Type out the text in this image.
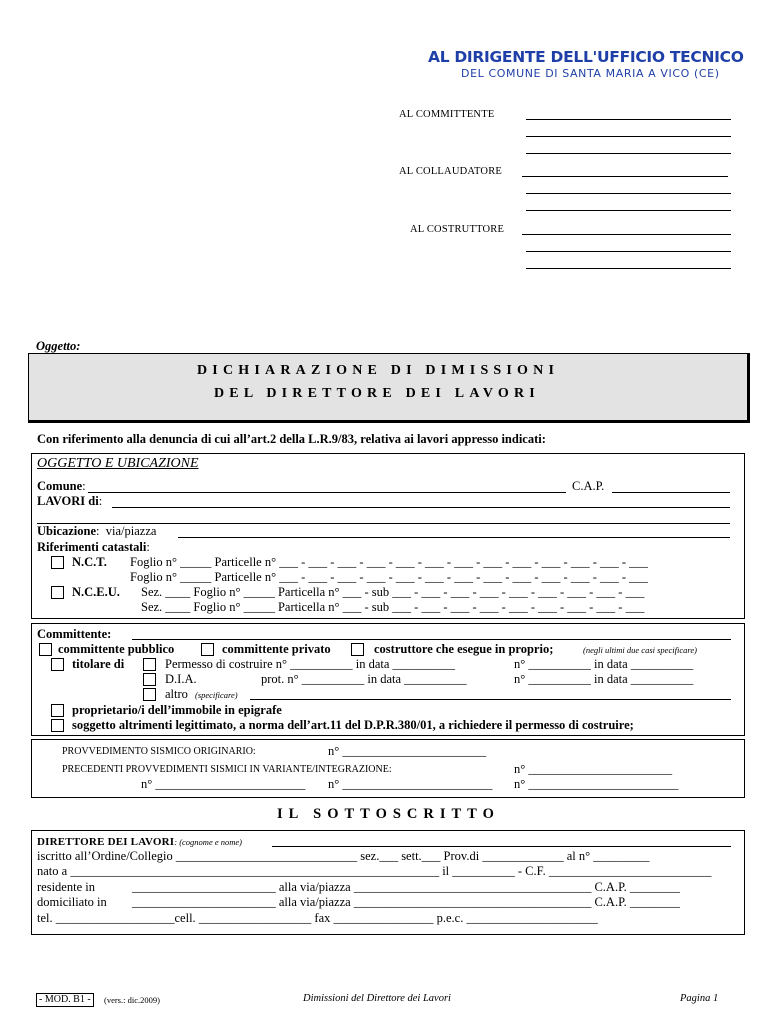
AL DIRIGENTE DELL'UFFICIO TECNICO
DEL COMUNE DI SANTA MARIA A VICO (CE)
AL COMMITTENTE
AL COLLAUDATORE
AL COSTRUTTORE
Oggetto:
DICHIARAZIONE DI DIMISSIONI
DEL DIRETTORE DEI LAVORI
Con riferimento alla denuncia di cui all’art.2 della L.R.9/83, relativa ai lavori appresso indicati:
OGGETTO E UBICAZIONE
Comune:	C.A.P.
LAVORI di:
Ubicazione:  via/piazza
Riferimenti catastali:
N.C.T. Foglio n° _____ Particelle n° ___ - ___ - ___ - ___ - ___ - ___ - ___ - ___ - ___ - ___ - ___ - ___ - ___
Foglio n° _____ Particelle n° ___ - ___ - ___ - ___ - ___ - ___ - ___ - ___ - ___ - ___ - ___ - ___ - ___
N.C.E.U. Sez. ____ Foglio n° _____ Particella n° ___ - sub ___ - ___ - ___ - ___ - ___ - ___ - ___ - ___ - ___
Sez. ____ Foglio n° _____ Particella n° ___ - sub ___ - ___ - ___ - ___ - ___ - ___ - ___ - ___ - ___
Committente:
committente pubblico	committente privato	costruttore che esegue in proprio;	(negli ultimi due casi specificare)
titolare di	Permesso di costruire n° __________ in data __________	n° __________ in data __________
D.I.A.	prot. n° __________ in data __________	n° __________ in data __________
altro (specificare)
proprietario/i dell’immobile in epigrafe
soggetto altrimenti legittimato, a norma dell’art.11 del D.P.R.380/01, a richiedere il permesso di costruire;
PROVVEDIMENTO SISMICO ORIGINARIO:	n° _______________________
PRECEDENTI PROVVEDIMENTI SISMICI IN VARIANTE/INTEGRAZIONE:	n° _______________________
n° ________________________ n° ________________________ n° ________________________
IL SOTTOSCRITTO
DIRETTORE DEI LAVORI: (cognome e nome)
iscritto all’Ordine/Collegio _____________________________ sez.___ sett.___ Prov.di _____________ al n° _________
nato a ___________________________________________________________ il __________ - C.F. __________________________
residente in	_______________________ alla via/piazza ______________________________________ C.A.P. ________
domiciliato in _______________________ alla via/piazza ______________________________________ C.A.P. ________
tel. ___________________cell. __________________ fax ________________ p.e.c. _____________________
- MOD. B1 -	(vers.: dic.2009)	Dimissioni del Direttore dei Lavori	Pagina 1
